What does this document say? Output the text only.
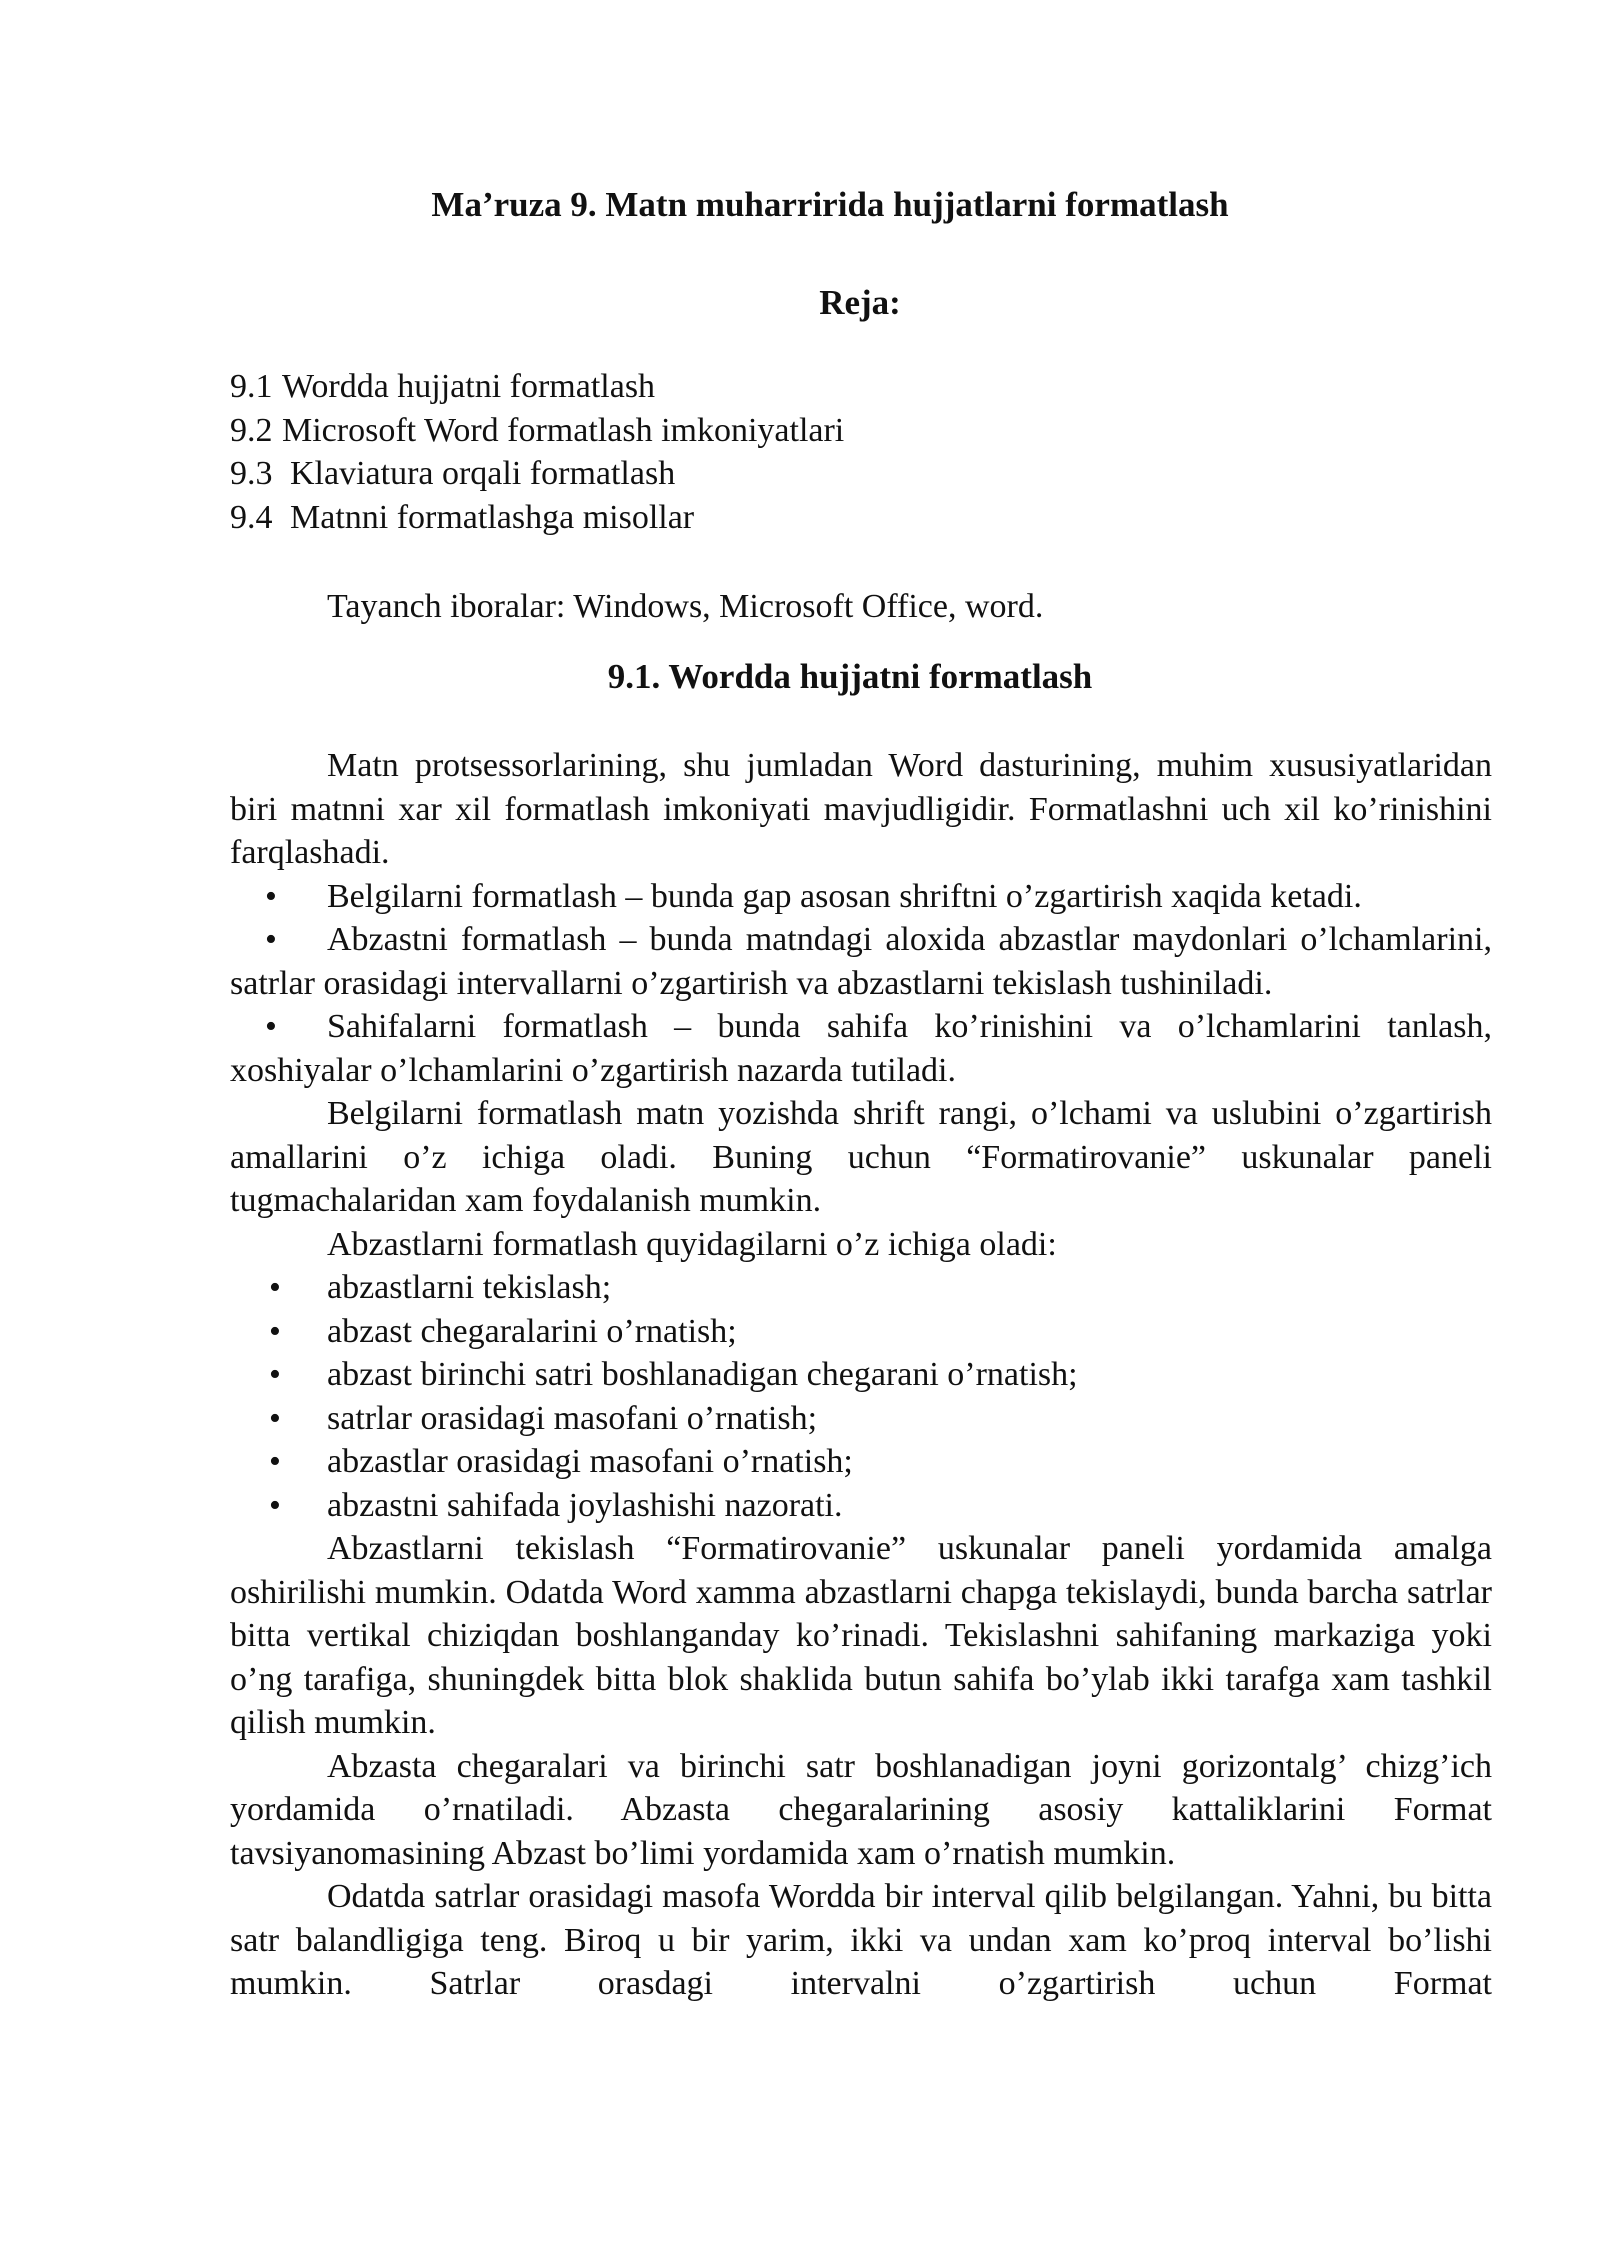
Ma’ruza 9. Matn muharririda hujjatlarni formatlash
Reja:
9.1 Wordda hujjatni formatlash
9.2 Microsoft Word formatlash imkoniyatlari
9.3 Klaviatura orqali formatlash
9.4 Matnni formatlashga misollar
Tayanch iboralar: Windows, Microsoft Office, word.
9.1. Wordda hujjatni formatlash

Matn protsessorlarining, shu jumladan Word dasturining, muhim xususiyatlaridan biri matnni xar xil formatlash imkoniyati mavjudligidir. Formatlashni uch xil ko’rinishini farqlashadi.

• Belgilarni formatlash – bunda gap asosan shriftni o’zgartirish xaqida ketadi.

• Abzastni formatlash – bunda matndagi aloxida abzastlar maydonlari o’lchamlarini, satrlar orasidagi intervallarni o’zgartirish va abzastlarni tekislash tushiniladi.

• Sahifalarni formatlash – bunda sahifa ko’rinishini va o’lchamlarini tanlash, xoshiyalar o’lchamlarini o’zgartirish nazarda tutiladi.

Belgilarni formatlash matn yozishda shrift rangi, o’lchami va uslubini o’zgartirish amallarini o’z ichiga oladi. Buning uchun “Formatirovanie” uskunalar paneli tugmachalaridan xam foydalanish mumkin.

Abzastlarni formatlash quyidagilarni o’z ichiga oladi:

• abzastlarni tekislash;

• abzast chegaralarini o’rnatish;

• abzast birinchi satri boshlanadigan chegarani o’rnatish;

• satrlar orasidagi masofani o’rnatish;

• abzastlar orasidagi masofani o’rnatish;

• abzastni sahifada joylashishi nazorati.

Abzastlarni tekislash “Formatirovanie” uskunalar paneli yordamida amalga oshirilishi mumkin. Odatda Word xamma abzastlarni chapga tekislaydi, bunda barcha satrlar bitta vertikal chiziqdan boshlanganday ko’rinadi. Tekislashni sahifaning markaziga yoki o’ng tarafiga, shuningdek bitta blok shaklida butun sahifa bo’ylab ikki tarafga xam tashkil qilish mumkin.

Abzasta chegaralari va birinchi satr boshlanadigan joyni gorizontalg’ chizg’ich yordamida o’rnatiladi. Abzasta chegaralarining asosiy kattaliklarini Format tavsiyanomasining Abzast bo’limi yordamida xam o’rnatish mumkin.

Odatda satrlar orasidagi masofa Wordda bir interval qilib belgilangan. Yahni, bu bitta satr balandligiga teng. Biroq u bir yarim, ikki va undan xam ko’proq interval bo’lishi mumkin. Satrlar orasdagi intervalni o’zgartirish uchun Format
